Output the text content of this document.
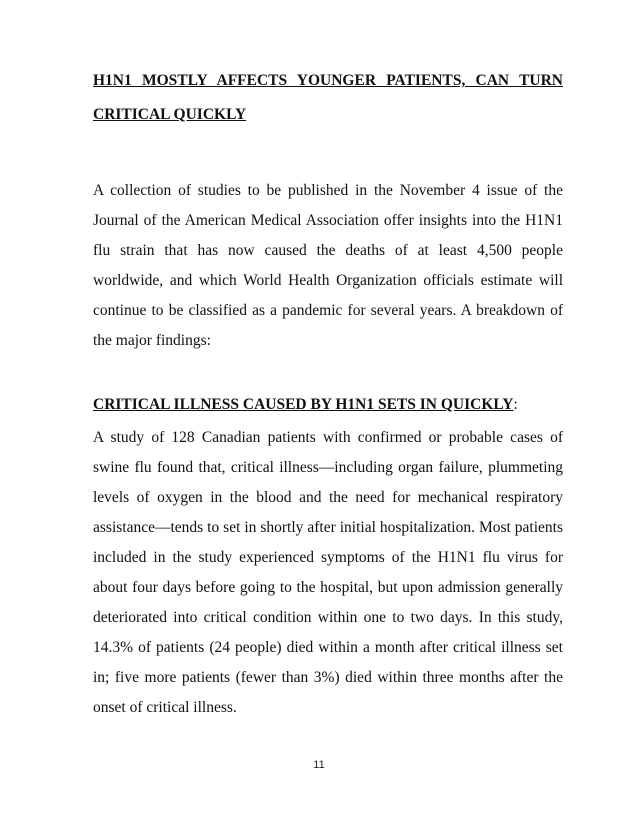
H1N1 MOSTLY AFFECTS YOUNGER PATIENTS, CAN TURN
CRITICAL QUICKLY

A collection of studies to be published in the November 4 issue of the Journal of the American Medical Association offer insights into the H1N1 flu strain that has now caused the deaths of at least 4,500 people worldwide, and which World Health Organization officials estimate will continue to be classified as a pandemic for several years. A breakdown of the major findings:

CRITICAL ILLNESS CAUSED BY H1N1 SETS IN QUICKLY:

A study of 128 Canadian patients with confirmed or probable cases of swine flu found that, critical illness—including organ failure, plummeting levels of oxygen in the blood and the need for mechanical respiratory assistance—tends to set in shortly after initial hospitalization. Most patients included in the study experienced symptoms of the H1N1 flu virus for about four days before going to the hospital, but upon admission generally deteriorated into critical condition within one to two days. In this study, 14.3% of patients (24 people) died within a month after critical illness set in; five more patients (fewer than 3%) died within three months after the onset of critical illness.

11
